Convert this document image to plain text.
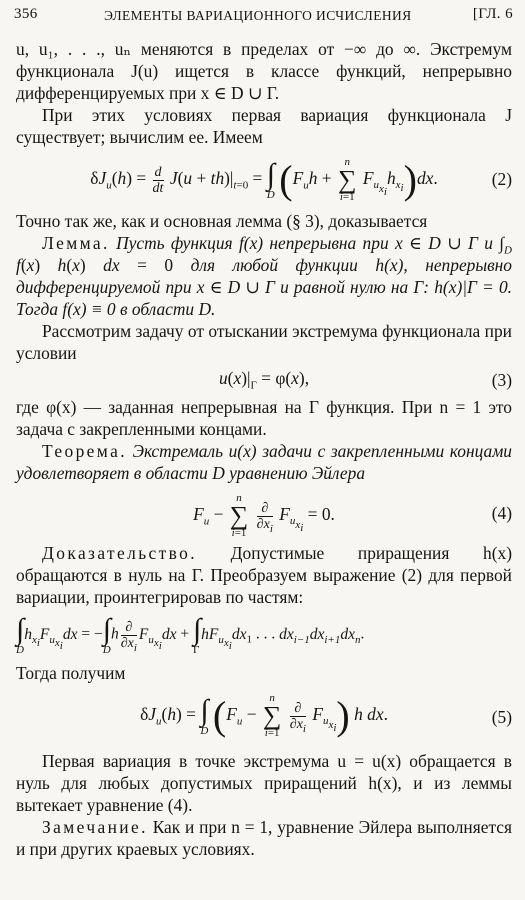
356	ЭЛЕМЕНТЫ ВАРИАЦИОННОГО ИСЧИСЛЕНИЯ	[ГЛ. 6

u, u₁, . . ., uₙ меняются в пределах от −∞ до ∞. Экстремум функционала J(u) ищется в классе функций, непрерывно дифференцируемых при x ∈ D ∪ Γ.

При этих условиях первая вариация функционала J существует; вычислим ее. Имеем

$\delta J_u(h) = \frac{d}{dt} J(u + th)|_{t=0}$ = ∫
D ($F_uh + n$
∑
i=1 $F_{u_{x_i}}h_{x_i})dx$.	(2)

Точно так же, как и основная лемма (§ 3), доказывается

Лемма. Пусть функция f(x) непрерывна при x ∈ D ∪ Γ и $\int_D$ f(x) h(x) dx = 0 для любой функции h(x), непрерывно дифференцируемой при x ∈ D ∪ Γ и равной нулю на Γ: h(x)|Γ = 0. Тогда f(x) ≡ 0 в области D.

Рассмотрим задачу от отыскании экстремума функционала при условии

$u(x)|_\Gamma = \varphi(x)$,	(3)

где φ(x) — заданная непрерывная на Γ функция. При n = 1 это задача с закрепленными концами.

Теорема. Экстремаль u(x) задачи с закрепленными концами удовлетворяет в области D уравнению Эйлера

$F_u - n$
∑
i=1
$\frac{\partial}{\partial x_i} F_{u_{x_i}} = 0$.	(4)

Доказательство. Допустимые приращения h(x) обращаются в нуль на Γ. Преобразуем выражение (2) для первой вариации, проинтегрировав по частям:

∫
$Dh_{x_i}F_{u_{x_i}}dx$ = − ∫
Dh $\frac{\partial}{\partial x_i} F_{u_{x_i}}dx$ + ∫
$\Gamma hF_{u_{x_i}}dx_1$ . . . $dx_{i-1}dx_{i+1}dx_n$.

Тогда получим

$\delta J_u(h)$ = ∫
D ($F_u - n$
∑
i=1
$\frac{\partial}{\partial x_i} F_{u_{x_i}}$) h dx.	(5)

Первая вариация в точке экстремума u = u(x) обращается в нуль для любых допустимых приращений h(x), и из леммы вытекает уравнение (4).

Замечание. Как и при n = 1, уравнение Эйлера выполняется и при других краевых условиях.
